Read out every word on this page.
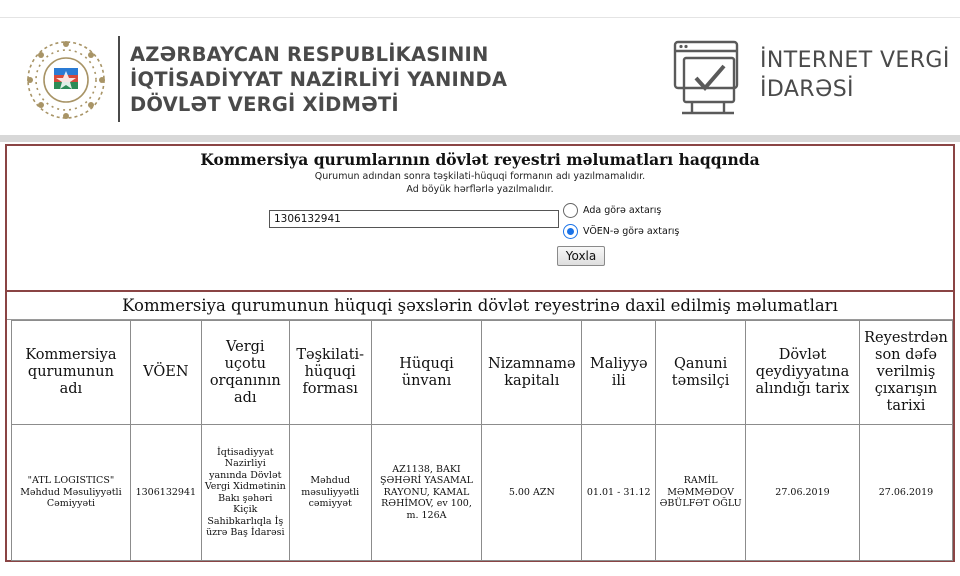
AZƏRBAYCAN RESPUBLİKASININ
İQTİSADİYYAT NAZİRLİYİ YANINDA
DÖVLƏT VERGİ XİDMƏTİ
İNTERNET VERGİ
İDARƏSİ
Kommersiya qurumlarının dövlət reyestri məlumatları haqqında
Qurumun adından sonra təşkilati-hüquqi formanın adı yazılmamalıdır.
Ad böyük hərflərlə yazılmalıdır.
1306132941
Ada görə axtarış
VÖEN-ə görə axtarış
Yoxla
Kommersiya qurumunun hüquqi şəxslərin dövlət reyestrinə daxil edilmiş məlumatları
Kommersiya qurumunun adı	VÖEN	Vergi uçotu orqanının adı	Təşkilati-hüquqi forması	Hüquqi ünvanı	Nizamnamə kapitalı	Maliyyə ili	Qanuni təmsilçi	Dövlət qeydiyyatına alındığı tarix	Reyestrdən son dəfə verilmiş çıxarışın tarixi
"ATL LOGISTICS" Məhdud Məsuliyyətli Cəmiyyəti	1306132941	İqtisadiyyat Nazirliyi yanında Dövlət Vergi Xidmətinin Bakı şəhəri Kiçik Sahibkarlıqla İş üzrə Baş İdarəsi	Məhdud məsuliyyətli cəmiyyət	AZ1138, BAKI ŞƏHƏRİ YASAMAL RAYONU, KAMAL RƏHİMOV, ev 100, m. 126A	5.00 AZN	01.01 - 31.12	RAMİL MƏMMƏDOV ƏBÜLFƏT OĞLU	27.06.2019	27.06.2019
